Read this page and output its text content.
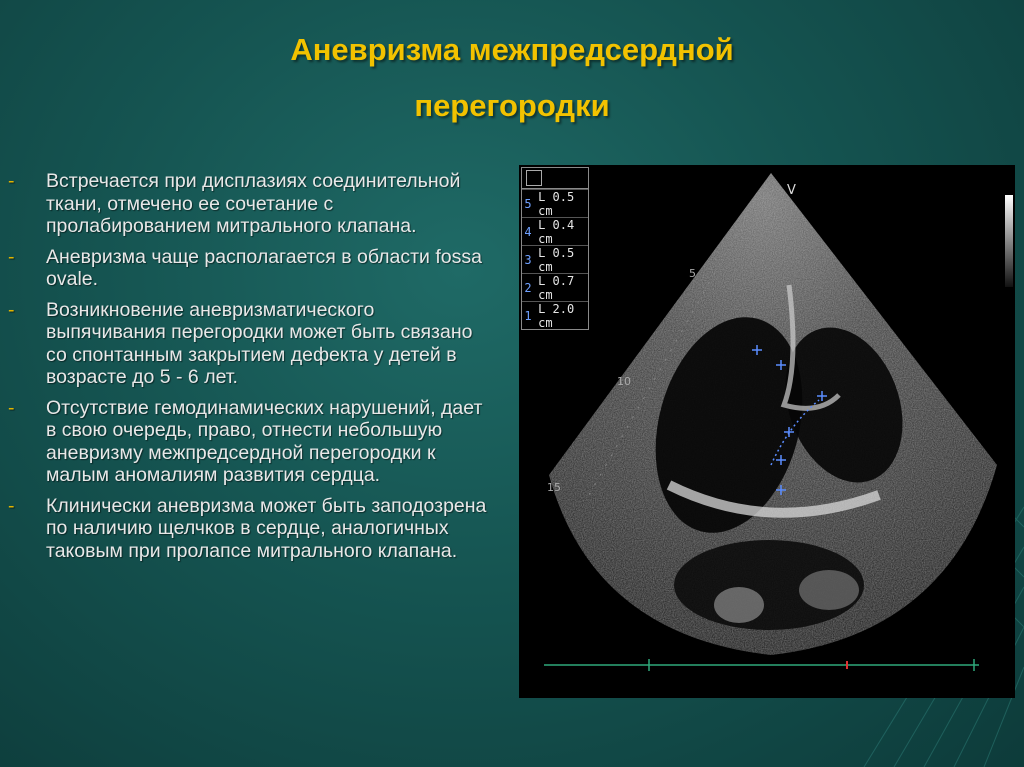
Аневризма межпредсердной
перегородки
- Встречается при дисплазиях соединительной ткани, отмечено ее сочетание с пролабированием митрального клапана.
- Аневризма чаще располагается в области fossa ovale.
- Возникновение аневризматического выпячивания перегородки может быть связано со спонтанным закрытием дефекта у детей в возрасте до 5 - 6 лет.
- Отсутствие гемодинамических нарушений, дает в свою очередь, право, отнести небольшую аневризму межпредсердной перегородки к малым аномалиям развития сердца.
- Клинически аневризма может быть заподозрена по наличию щелчков в сердце, аналогичных таковым при пролапсе митрального клапана.
5 L 0.5 cm
4 L 0.4 cm
3 L 0.5 cm
2 L 0.7 cm
1 L 2.0 cm
V
5
10
15
